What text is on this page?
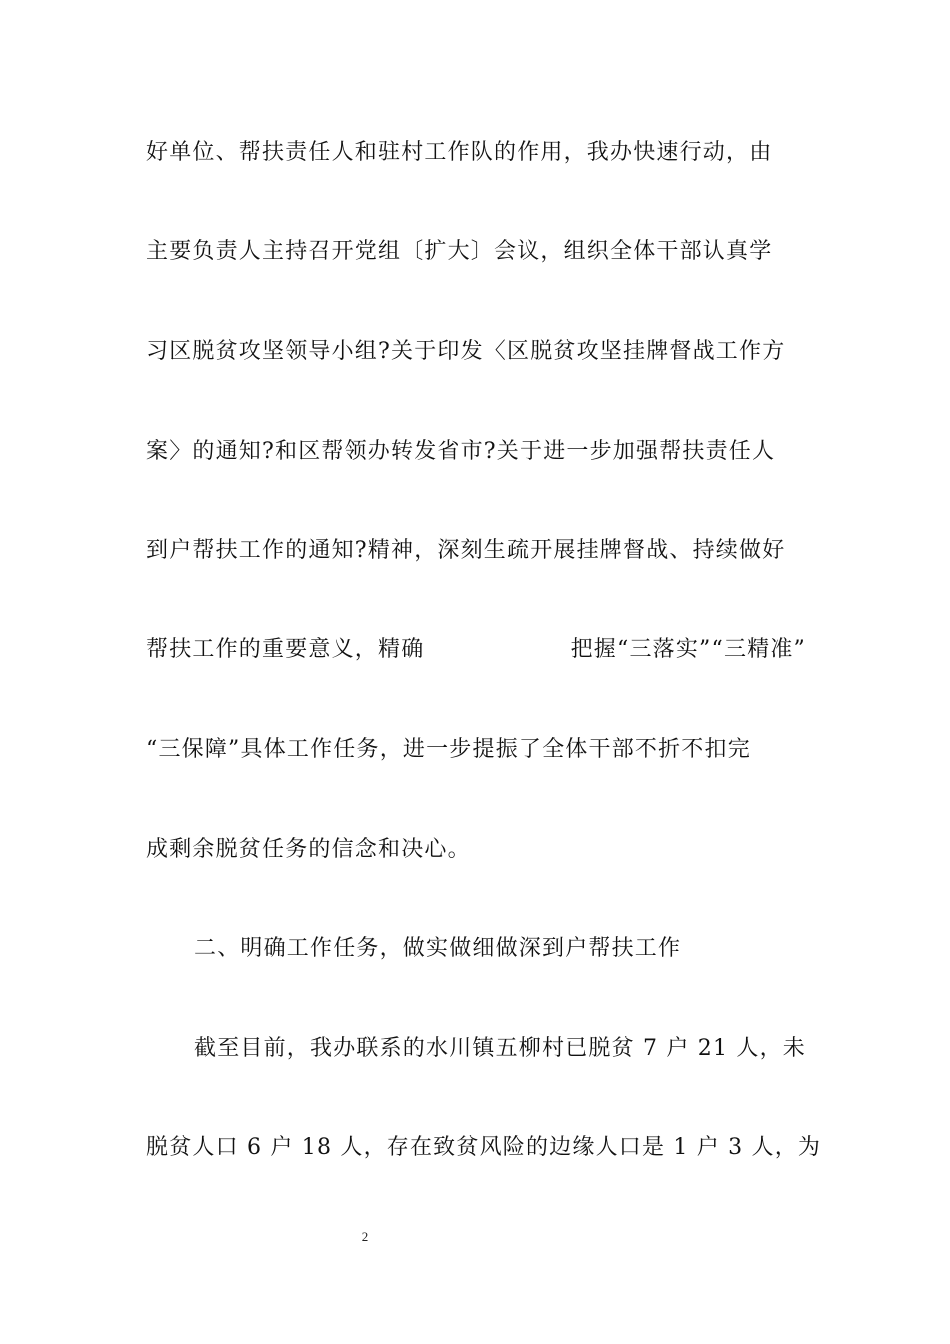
好单位、帮扶责任人和驻村工作队的作用，我办快速行动，由
主要负责人主持召开党组〔扩大〕会议，组织全体干部认真学
习区脱贫攻坚领导小组?关于印发〈区脱贫攻坚挂牌督战工作方
案〉的通知?和区帮领办转发省市?关于进一步加强帮扶责任人
到户帮扶工作的通知?精神，深刻生疏开展挂牌督战、持续做好
帮扶工作的重要意义，精确	把握“三落实”“三精准”
“三保障”具体工作任务，进一步提振了全体干部不折不扣完
成剩余脱贫任务的信念和决心。
二、明确工作任务，做实做细做深到户帮扶工作
截至目前，我办联系的水川镇五柳村已脱贫 7 户 21 人，未
脱贫人口 6 户 18 人，存在致贫风险的边缘人口是 1 户 3 人，为
2
